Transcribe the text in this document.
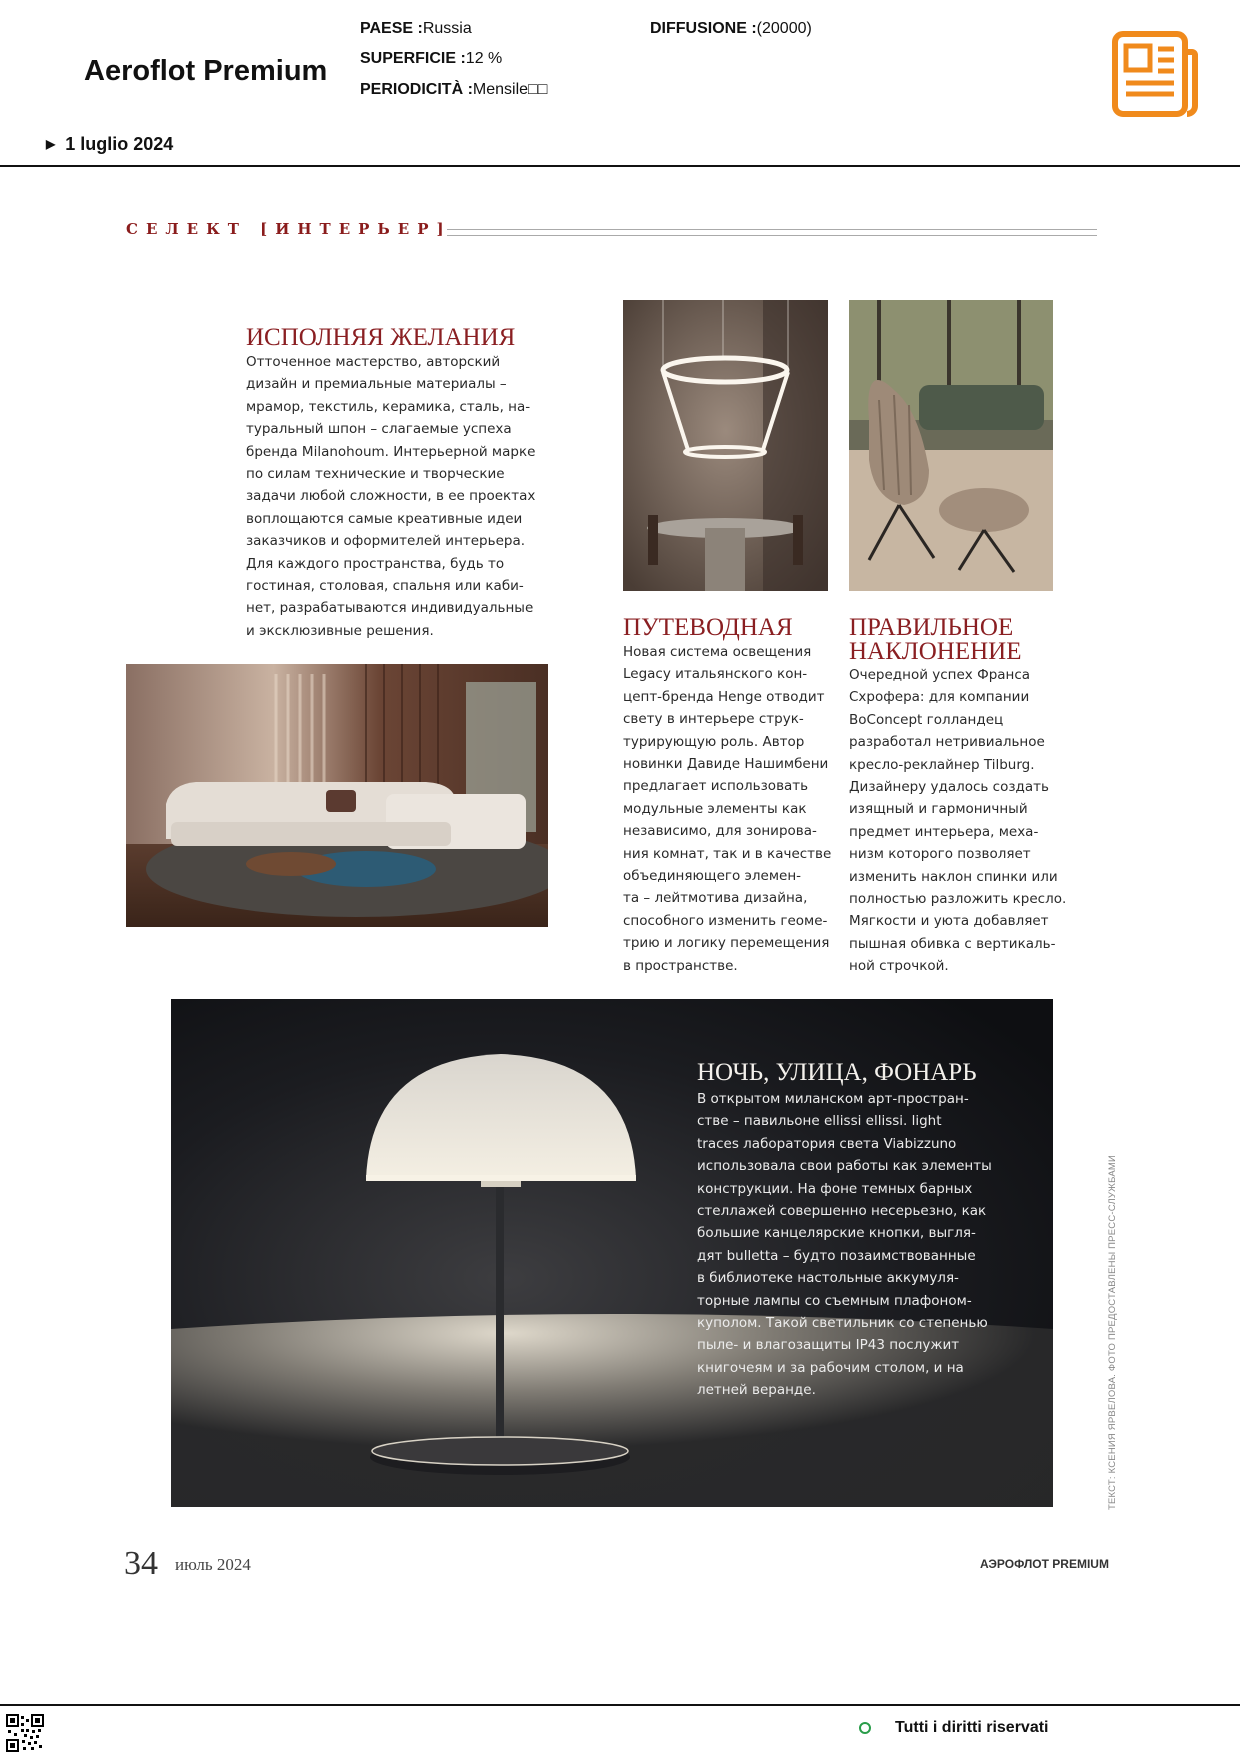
Aeroflot Premium
PAESE :Russia
SUPERFICIE :12 %
PERIODICITÀ :Mensile□□
DIFFUSIONE :(20000)
▶ 1 luglio 2024
СЕЛЕКТ [ИНТЕРЬЕР]
ИСПОЛНЯЯ ЖЕЛАНИЯ
Отточенное мастерство, авторский
дизайн и премиальные материалы –
мрамор, текстиль, керамика, сталь, на-
туральный шпон – слагаемые успеха
бренда Milanohoum. Интерьерной марке
по силам технические и творческие
задачи любой сложности, в ее проектах
воплощаются самые креативные идеи
заказчиков и оформителей интерьера.
Для каждого пространства, будь то
гостиная, столовая, спальня или каби-
нет, разрабатываются индивидуальные
и эксклюзивные решения.	ПУТЕВОДНАЯ
Новая система освещения
Legacy итальянского кон-
цепт-бренда Henge отводит
свету в интерьере струк-
турирующую роль. Автор
новинки Давиде Нашимбени
предлагает использовать
модульные элементы как
независимо, для зонирова-
ния комнат, так и в качестве
объединяющего элемен-
та – лейтмотива дизайна,
способного изменить геоме-
трию и логику перемещения
в пространстве.
ПРАВИЛЬНОЕ
НАКЛОНЕНИЕ
Очередной успех Франса
Схрофера: для компании
BoConcept голландец
разработал нетривиальное
кресло-реклайнер Tilburg.
Дизайнеру удалось создать
изящный и гармоничный
предмет интерьера, меха-
низм которого позволяет
изменить наклон спинки или
полностью разложить кресло.
Мягкости и уюта добавляет
пышная обивка с вертикаль-
ной строчкой.
НОЧЬ, УЛИЦА, ФОНАРЬ
В открытом миланском арт-простран-
стве – павильоне ellissi ellissi. light
traces лаборатория света Viabizzuno
использовала свои работы как элементы
конструкции. На фоне темных барных
стеллажей совершенно несерьезно, как
большие канцелярские кнопки, выгля-
дят bulletta – будто позаимствованные
в библиотеке настольные аккумуля-
торные лампы со съемным плафоном-
куполом. Такой светильник со степенью
пыле- и влагозащиты IP43 послужит
книгочеям и за рабочим столом, и на
летней веранде.	ТЕКСТ: КСЕНИЯ ЯРВЕЛОВА. ФОТО ПРЕДОСТАВЛЕНЫ ПРЕСС-СЛУЖБАМИ
34 июль 2024	АЭРОФЛОТ PREMIUM
Tutti i diritti riservati
